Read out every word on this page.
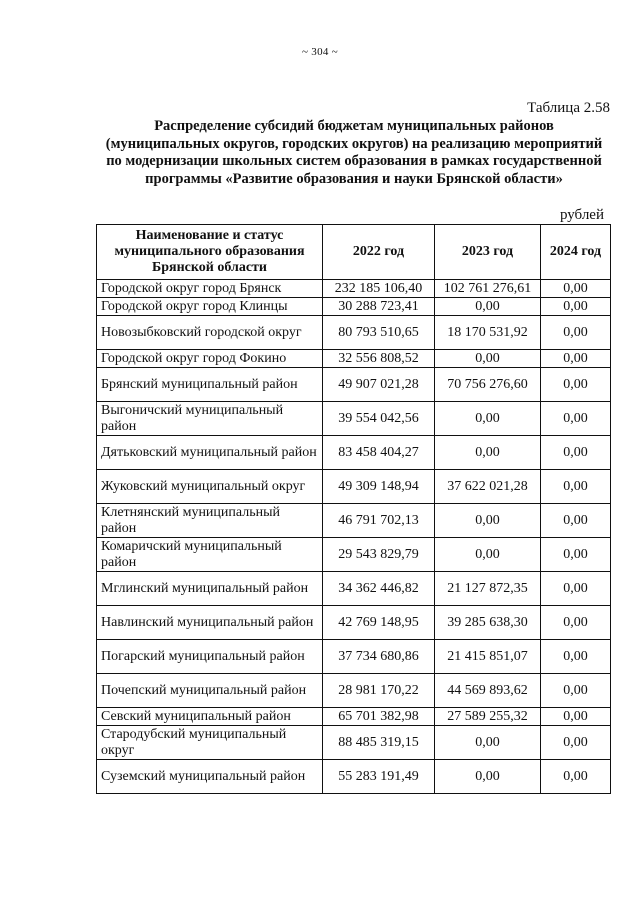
~ 304 ~
Таблица 2.58
Распределение субсидий бюджетам муниципальных районов (муниципальных округов, городских округов) на реализацию мероприятий по модернизации школьных систем образования в рамках государственной программы «Развитие образования и науки Брянской области»
рублей
Наименование и статус муниципального образования Брянской области	2022 год	2023 год	2024 год
Городской округ город Брянск	232 185 106,40	102 761 276,61	0,00
Городской округ город Клинцы	30 288 723,41	0,00	0,00
Новозыбковский городской округ	80 793 510,65	18 170 531,92	0,00
Городской округ город Фокино	32 556 808,52	0,00	0,00
Брянский муниципальный район	49 907 021,28	70 756 276,60	0,00
Выгоничский муниципальный район	39 554 042,56	0,00	0,00
Дятьковский муниципальный район	83 458 404,27	0,00	0,00
Жуковский муниципальный округ	49 309 148,94	37 622 021,28	0,00
Клетнянский муниципальный район	46 791 702,13	0,00	0,00
Комаричский муниципальный район	29 543 829,79	0,00	0,00
Мглинский муниципальный район	34 362 446,82	21 127 872,35	0,00
Навлинский муниципальный район	42 769 148,95	39 285 638,30	0,00
Погарский муниципальный район	37 734 680,86	21 415 851,07	0,00
Почепский муниципальный район	28 981 170,22	44 569 893,62	0,00
Севский муниципальный район	65 701 382,98	27 589 255,32	0,00
Стародубский муниципальный округ	88 485 319,15	0,00	0,00
Суземский муниципальный район	55 283 191,49	0,00	0,00
